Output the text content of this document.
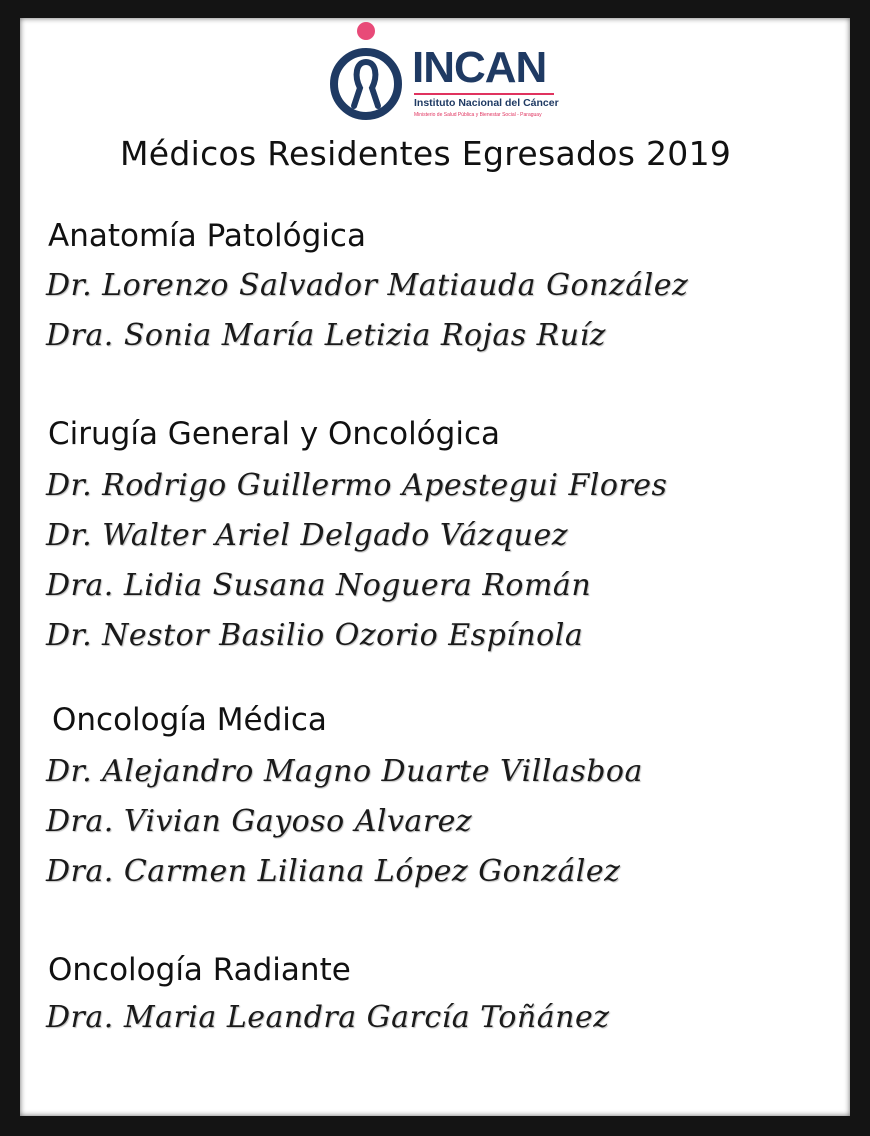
INCAN
Instituto Nacional del Cáncer
Ministerio de Salud Pública y Bienestar Social - Paraguay
Médicos Residentes Egresados 2019
Anatomía Patológica
Dr. Lorenzo Salvador Matiauda González
Dra. Sonia María Letizia Rojas Ruíz
Cirugía General y Oncológica
Dr. Rodrigo Guillermo Apestegui Flores
Dr. Walter Ariel Delgado Vázquez
Dra. Lidia Susana Noguera Román
Dr. Nestor Basilio Ozorio Espínola
Oncología Médica
Dr. Alejandro Magno Duarte Villasboa
Dra. Vivian Gayoso Alvarez
Dra. Carmen Liliana López González
Oncología Radiante
Dra. Maria Leandra García Toñánez
